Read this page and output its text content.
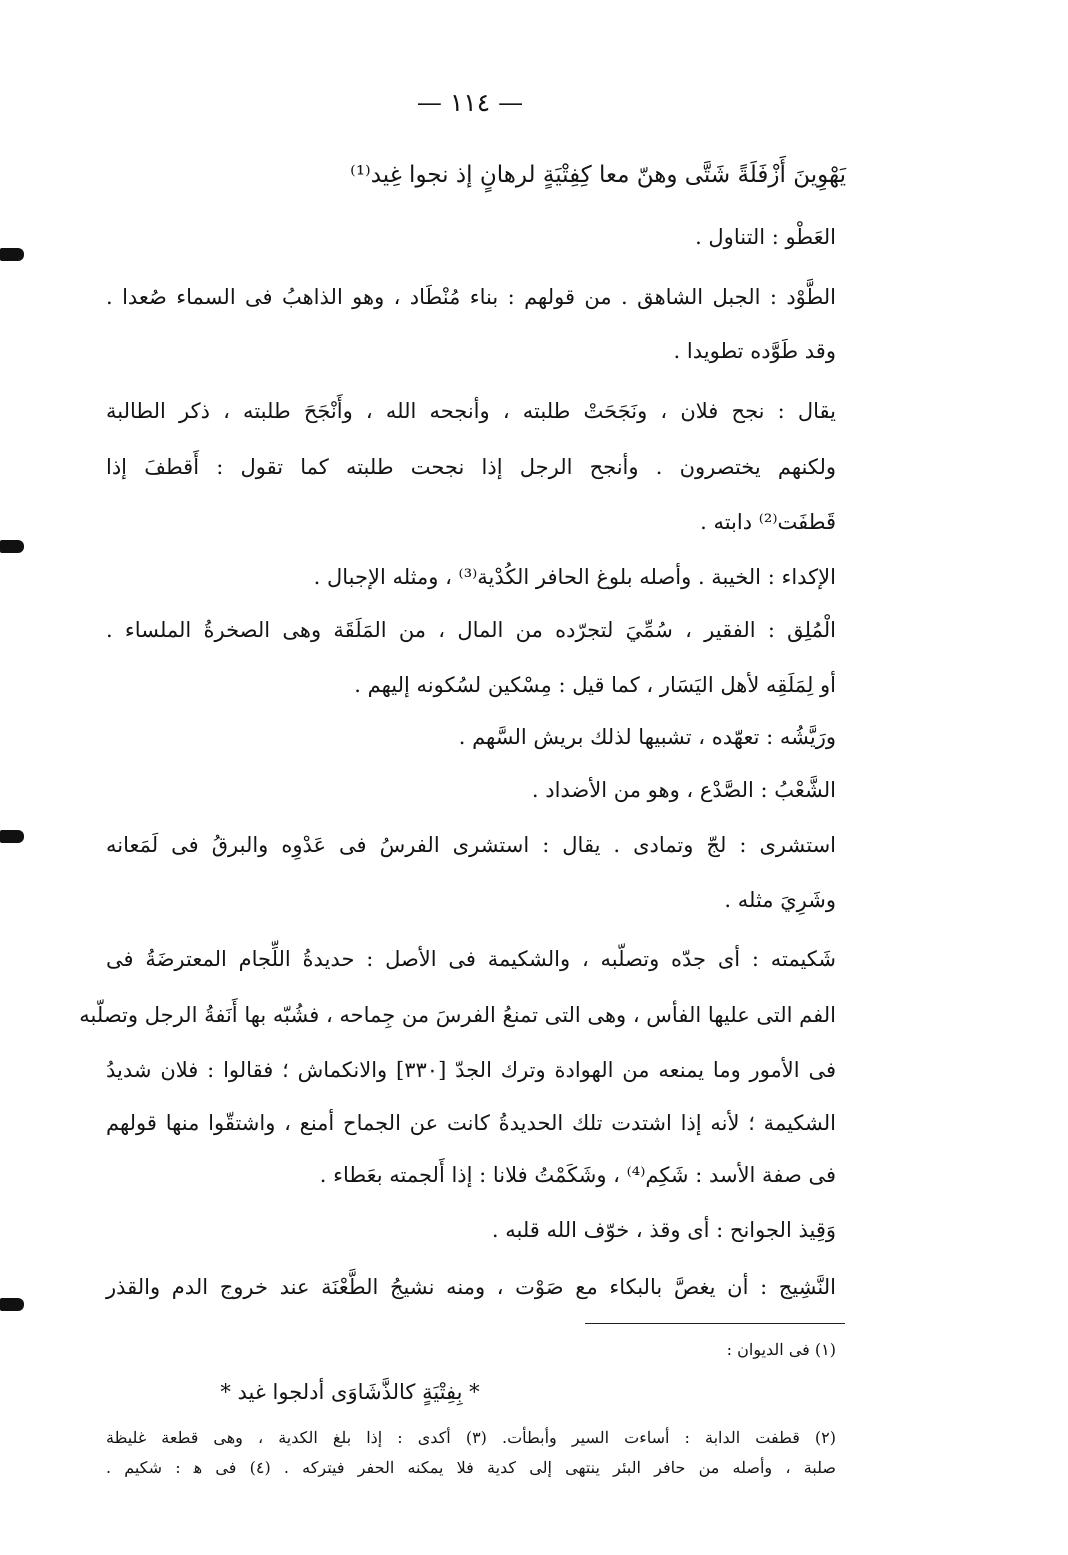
— ١١٤ —
يَهْوِينَ أَزْفَلَةً شَتَّى وهنّ معا كِفِتْيَةٍ لرهانٍ إذ نجوا غِيد⁽¹⁾
العَطْو : التناول .
الطَّوْد : الجبل الشاهق . من قولهم : بناء مُنْطَاد ، وهو الذاهبُ فى السماء صُعدا .
وقد طَوَّده تطويدا .
يقال : نجح فلان ، ونَجَحَتْ طلبته ، وأنجحه الله ، وأَنْجَحَ طلبته ، ذكر الطالبة
ولكنهم يختصرون . وأنجح الرجل إذا نجحت طلبته كما تقول : أَقطفَ إذا
قَطفَت⁽²⁾ دابته .
الإكداء : الخيبة . وأصله بلوغ الحافر الكُدْية⁽³⁾ ، ومثله الإجبال .
الْمُلِق : الفقير ، سُمِّيَ لتجرّده من المال ، من المَلَقَة وهى الصخرةُ الملساء .
أو لِمَلَقِه لأهل اليَسَار ، كما قيل : مِسْكين لسُكونه إليهم .
ورَيَّشُه : تعهّده ، تشبيها لذلك بريش السَّهم .
الشَّعْبُ : الصَّدْع ، وهو من الأضداد .
استشرى : لجّ وتمادى . يقال : استشرى الفرسُ فى عَدْوِه والبرقُ فى لَمَعانه
وشَرِيَ مثله .
شَكيمته : أى جدّه وتصلّبه ، والشكيمة فى الأصل : حديدةُ اللِّجام المعترضَةُ فى
الفم التى عليها الفأس ، وهى التى تمنعُ الفرسَ من جِماحه ، فشُبّه بها أَنَفةُ الرجل وتصلّبه
فى الأمور وما يمنعه من الهوادة وترك الجدّ [٣٣٠] والانكماش ؛ فقالوا : فلان شديدُ
الشكيمة ؛ لأنه إذا اشتدت تلك الحديدةُ كانت عن الجماح أمنع ، واشتقّوا منها قولهم
فى صفة الأسد : شَكِم⁽⁴⁾ ، وشَكَمْتُ فلانا : إذا أَلجمته بعَطاء .
وَقِيذ الجوانح : أى وقذ ، خوّف الله قلبه .
النَّشِيج : أن يغصَّ بالبكاء مع صَوْت ، ومنه نشيجُ الطَّعْنَة عند خروج الدم والقذر
(١) فى الديوان :
* بِفِتْيَةٍ كالذَّشَاوَى أدلجوا غيد *
(٢) قطفت الدابة : أساءت السير وأبطأت. (٣) أكدى : إذا بلغ الكدية ، وهى قطعة غليظة
صلبة ، وأصله من حافر البئر ينتهى إلى كدية فلا يمكنه الحفر فيتركه . (٤) فى ﻫ : شكيم .
